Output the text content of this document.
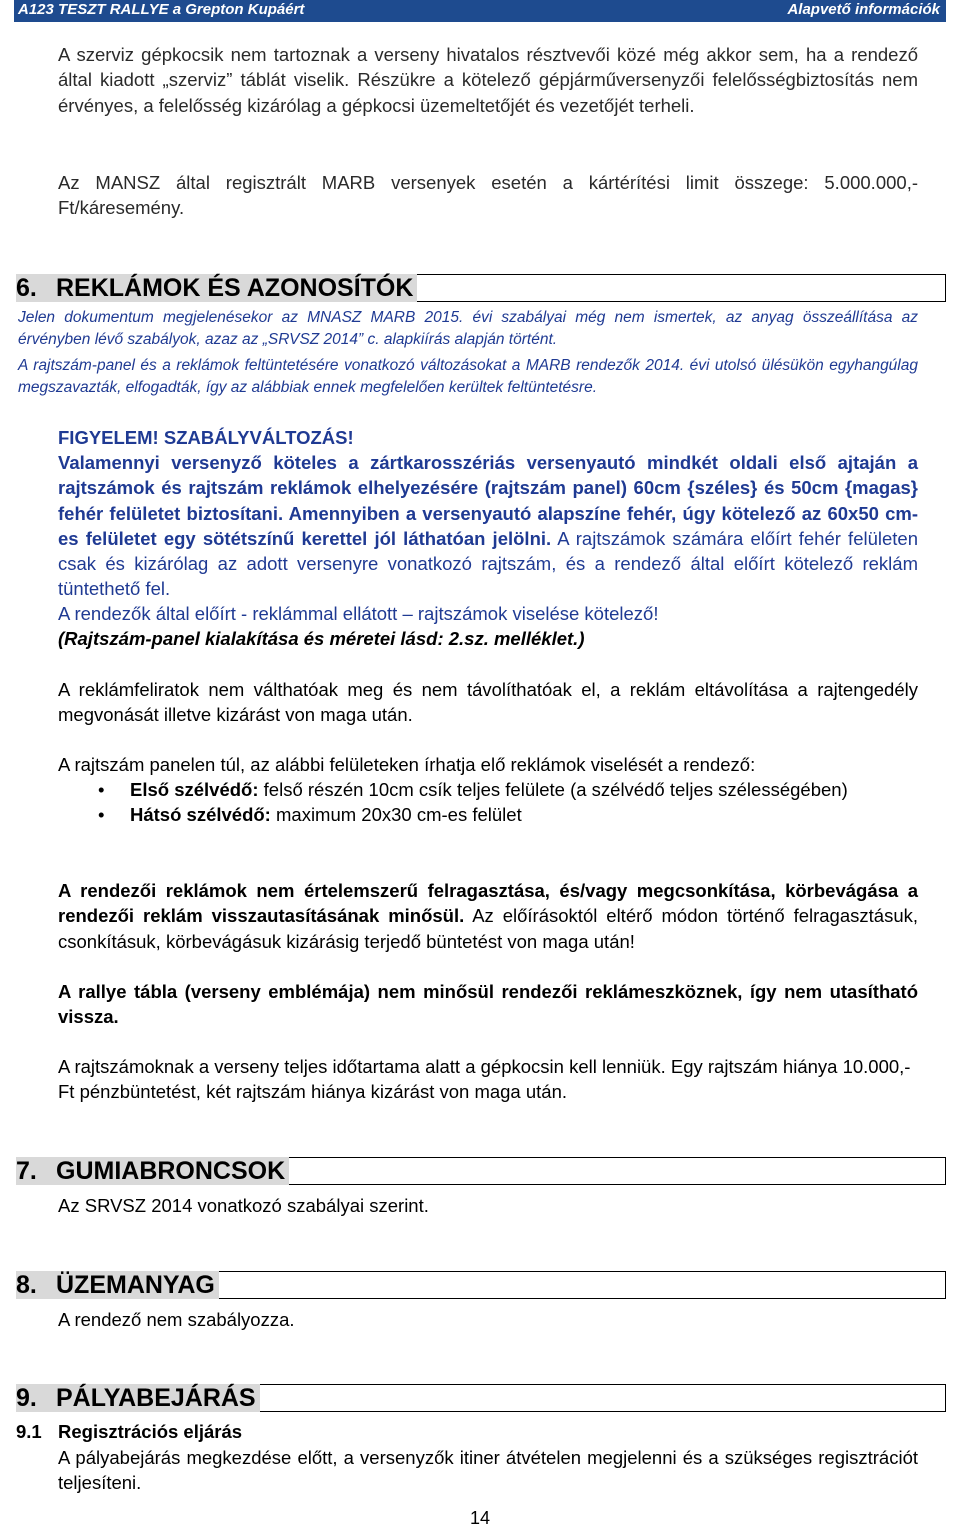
A123 TESZT RALLYE a Grepton Kupáért	Alapvető információk

A szerviz gépkocsik nem tartoznak a verseny hivatalos résztvevői közé még akkor sem, ha a rendező által kiadott „szerviz” táblát viselik. Részükre a kötelező gépjárműversenyzői felelősségbiztosítás nem érvényes, a felelősség kizárólag a gépkocsi üzemeltetőjét és vezetőjét terheli.

Az MANSZ által regisztrált MARB versenyek esetén a kártérítési limit összege: 5.000.000,-Ft/káresemény.

6. REKLÁMOK ÉS AZONOSÍTÓK

Jelen dokumentum megjelenésekor az MNASZ MARB 2015. évi szabályai még nem ismertek, az anyag összeállítása az érvényben lévő szabályok, azaz az „SRVSZ 2014” c. alapkiírás alapján történt.

A rajtszám-panel és a reklámok feltüntetésére vonatkozó változásokat a MARB rendezők 2014. évi utolsó ülésükön egyhangúlag megszavazták, elfogadták, így az alábbiak ennek megfelelően kerültek feltüntetésre.

FIGYELEM! SZABÁLYVÁLTOZÁS!

Valamennyi versenyző köteles a zártkarosszériás versenyautó mindkét oldali első ajtaján a rajtszámok és rajtszám reklámok elhelyezésére (rajtszám panel) 60cm {széles} és 50cm {magas} fehér felületet biztosítani. Amennyiben a versenyautó alapszíne fehér, úgy kötelező az 60x50 cm-es felületet egy sötétszínű kerettel jól láthatóan jelölni. A rajtszámok számára előírt fehér felületen csak és kizárólag az adott versenyre vonatkozó rajtszám, és a rendező által előírt kötelező reklám tüntethető fel.

A rendezők által előírt - reklámmal ellátott – rajtszámok viselése kötelező!

(Rajtszám-panel kialakítása és méretei lásd: 2.sz. melléklet.)

A reklámfeliratok nem válthatóak meg és nem távolíthatóak el, a reklám eltávolítása a rajtengedély megvonását illetve kizárást von maga után.

A rajtszám panelen túl, az alábbi felületeken írhatja elő reklámok viselését a rendező:

• Első szélvédő: felső részén 10cm csík teljes felülete (a szélvédő teljes szélességében)
• Hátsó szélvédő: maximum 20x30 cm-es felület

A rendezői reklámok nem értelemszerű felragasztása, és/vagy megcsonkítása, körbevágása a rendezői reklám visszautasításának minősül. Az előírásoktól eltérő módon történő felragasztásuk, csonkításuk, körbevágásuk kizárásig terjedő büntetést von maga után!

A rallye tábla (verseny emblémája) nem minősül rendezői reklámeszköznek, így nem utasítható vissza.

A rajtszámoknak a verseny teljes időtartama alatt a gépkocsin kell lenniük. Egy rajtszám hiánya 10.000,- Ft pénzbüntetést, két rajtszám hiánya kizárást von maga után.

7. GUMIABRONCSOK

Az SRVSZ 2014 vonatkozó szabályai szerint.

8. ÜZEMANYAG

A rendező nem szabályozza.

9. PÁLYABEJÁRÁS
9.1 Regisztrációs eljárás

A pályabejárás megkezdése előtt, a versenyzők itiner átvételen megjelenni és a szükséges regisztrációt teljesíteni.

14
